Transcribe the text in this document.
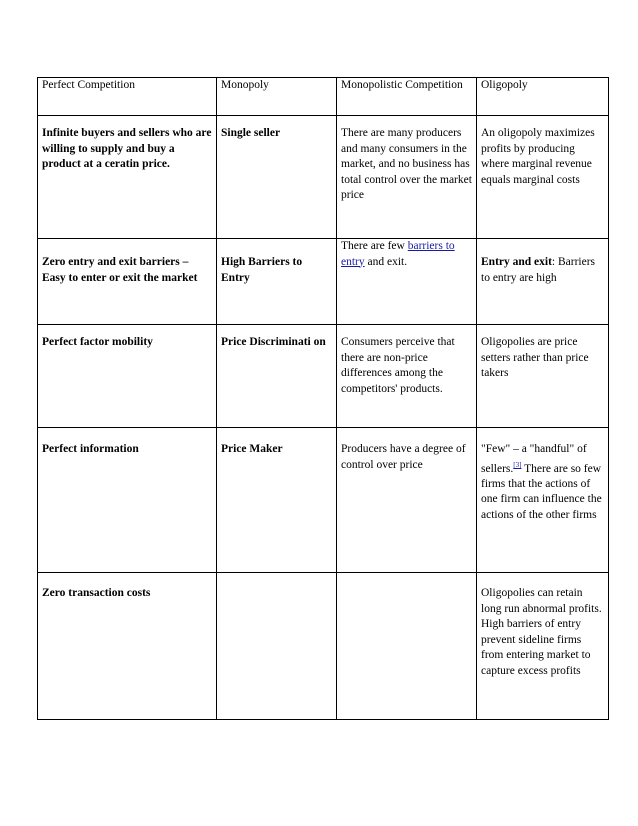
Perfect Competition	Monopoly	Monopolistic Competition	Oligopoly
Infinite buyers and sellers who are willing to supply and buy a product at a ceratin price.	Single seller	There are many producers and many consumers in the market, and no business has total control over the market price	An oligopoly maximizes profits by producing where marginal revenue equals marginal costs
Zero entry and exit barriers – Easy to enter or exit the market	High Barriers to Entry	There are few barriers to entry and exit.	Entry and exit: Barriers to entry are high
Perfect factor mobility	Price Discriminati on	Consumers perceive that there are non-price differences among the competitors' products.	Oligopolies are price setters rather than price takers
Perfect information	Price Maker	Producers have a degree of control over price	"Few" – a "handful" of sellers.[3] There are so few firms that the actions of one firm can influence the actions of the other firms
Zero transaction costs			Oligopolies can retain long run abnormal profits. High barriers of entry prevent sideline firms from entering market to capture excess profits
